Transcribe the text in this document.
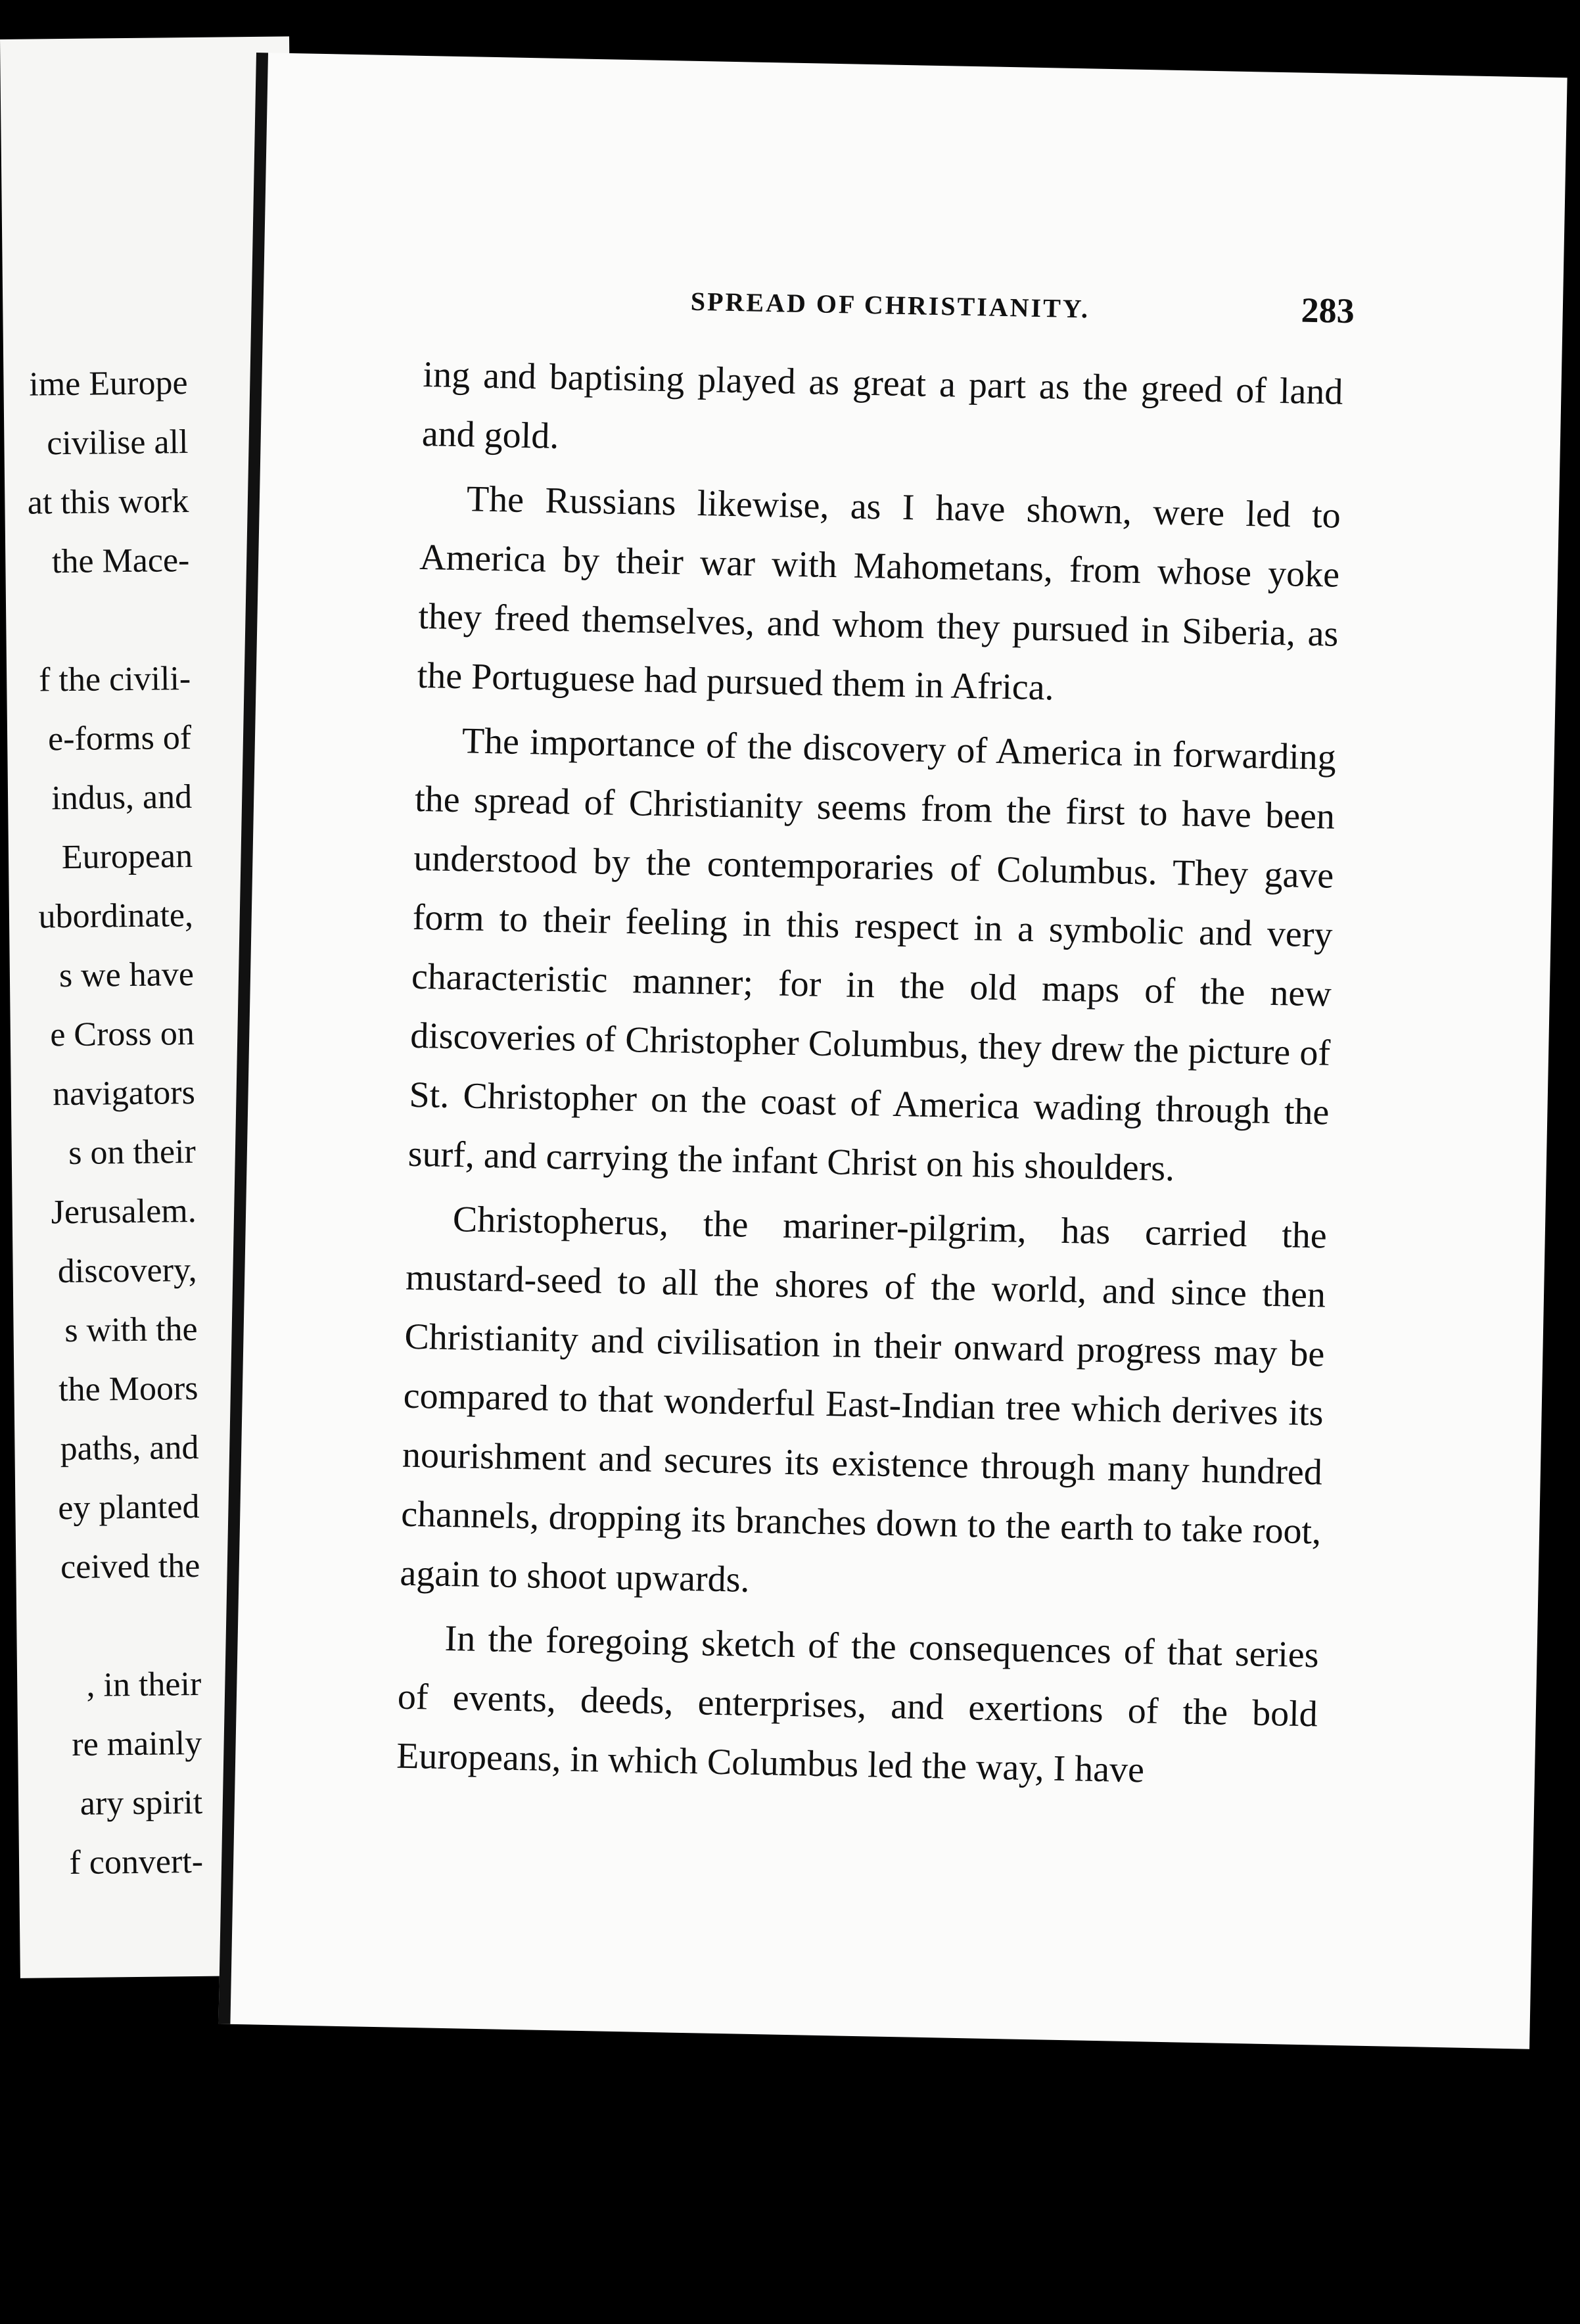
ime Europe
civilise all
at this work
the Mace-
f the civili-
e-forms of
indus, and
European
ubordinate,
s we have
e Cross on
navigators
s on their
Jerusalem.
discovery,
s with the
the Moors
paths, and
ey planted
ceived the
, in their
re mainly
ary spirit
f convert-
SPREAD OF CHRISTIANITY.	283

ing and baptising played as great a part as the greed of land and gold.

The Russians likewise, as I have shown, were led to America by their war with Mahometans, from whose yoke they freed themselves, and whom they pursued in Siberia, as the Portuguese had pursued them in Africa.

The importance of the discovery of America in forwarding the spread of Christianity seems from the first to have been understood by the contemporaries of Columbus. They gave form to their feeling in this respect in a symbolic and very characteristic manner; for in the old maps of the new discoveries of Christopher Columbus, they drew the picture of St. Christopher on the coast of America wading through the surf, and carrying the infant Christ on his shoulders.

Christopherus, the mariner-pilgrim, has carried the mustard-seed to all the shores of the world, and since then Christianity and civilisation in their onward progress may be compared to that wonderful East-Indian tree which derives its nourishment and secures its existence through many hundred channels, dropping its branches down to the earth to take root, again to shoot upwards.

In the foregoing sketch of the consequences of that series of events, deeds, enterprises, and exertions of the bold Europeans, in which Columbus led the way, I have
